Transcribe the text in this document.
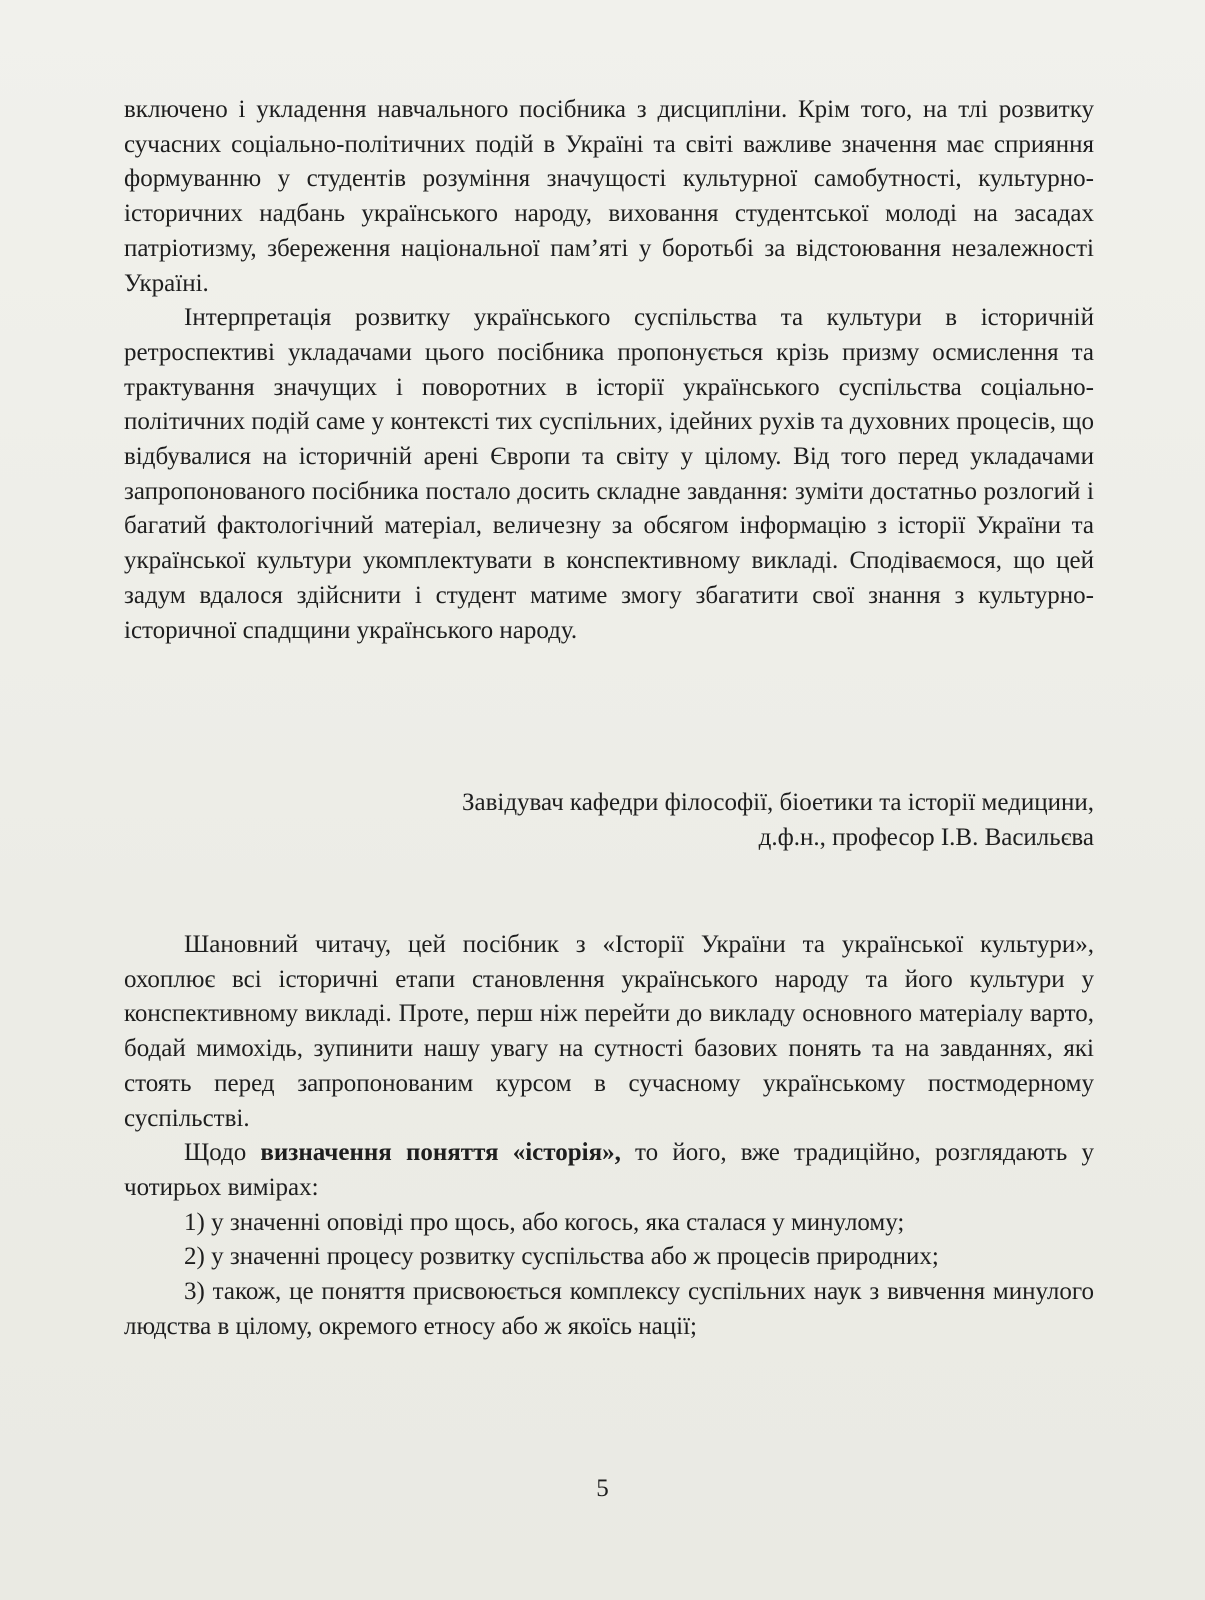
включено і укладення навчального посібника з дисципліни. Крім того, на тлі розвитку сучасних соціально-політичних подій в Україні та світі важливе значення має сприяння формуванню у студентів розуміння значущості культурної самобутності, культурно-історичних надбань українського народу, виховання студентської молоді на засадах патріотизму, збереження національної пам’яті у боротьбі за відстоювання незалежності Україні.

Інтерпретація розвитку українського суспільства та культури в історичній ретроспективі укладачами цього посібника пропонується крізь призму осмислення та трактування значущих і поворотних в історії українського суспільства соціально-політичних подій саме у контексті тих суспільних, ідейних рухів та духовних процесів, що відбувалися на історичній арені Європи та світу у цілому. Від того перед укладачами запропонованого посібника постало досить складне завдання: зуміти достатньо розлогий і багатий фактологічний матеріал, величезну за обсягом інформацію з історії України та української культури укомплектувати в конспективному викладі. Сподіваємося, що цей задум вдалося здійснити і студент матиме змогу збагатити свої знання з культурно-історичної спадщини українського народу.

Завідувач кафедри філософії, біоетики та історії медицини,
д.ф.н., професор І.В. Васильєва

Шановний читачу, цей посібник з «Історії України та української культури», охоплює всі історичні етапи становлення українського народу та його культури у конспективному викладі. Проте, перш ніж перейти до викладу основного матеріалу варто, бодай мимохідь, зупинити нашу увагу на сутності базових понять та на завданнях, які стоять перед запропонованим курсом в сучасному українському постмодерному суспільстві.

Щодо визначення поняття «історія», то його, вже традиційно, розглядають у чотирьох вимірах:

1) у значенні оповіді про щось, або когось, яка сталася у минулому;

2) у значенні процесу розвитку суспільства або ж процесів природних;

3) також, це поняття присвоюється комплексу суспільних наук з вивчення минулого людства в цілому, окремого етносу або ж якоїсь нації;

5
